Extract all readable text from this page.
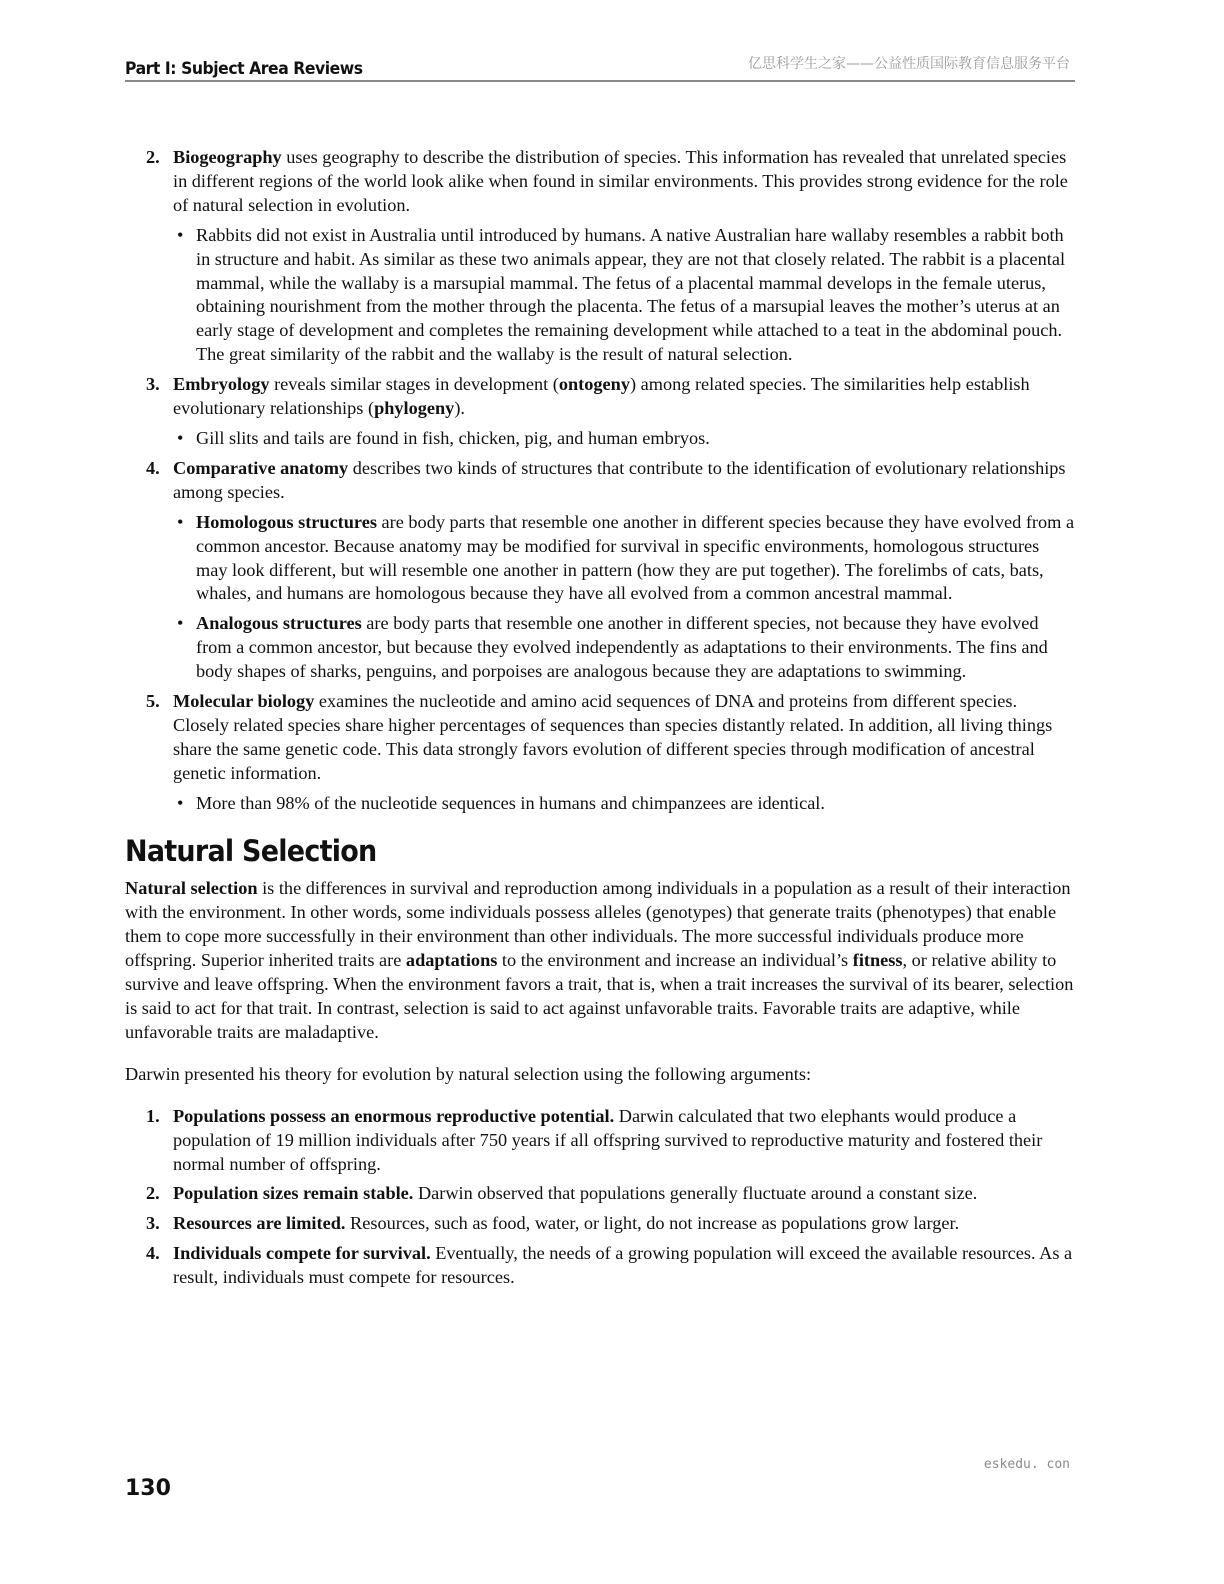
Part I: Subject Area Reviews	亿思科学生之家——公益性质国际教育信息服务平台
2. Biogeography uses geography to describe the distribution of species. This information has revealed that unrelated species in different regions of the world look alike when found in similar environments. This provides strong evidence for the role of natural selection in evolution.
• Rabbits did not exist in Australia until introduced by humans. A native Australian hare wallaby resembles a rabbit both in structure and habit. As similar as these two animals appear, they are not that closely related. The rabbit is a placental mammal, while the wallaby is a marsupial mammal. The fetus of a placental mammal develops in the female uterus, obtaining nourishment from the mother through the placenta. The fetus of a marsupial leaves the mother’s uterus at an early stage of development and completes the remaining development while attached to a teat in the abdominal pouch. The great similarity of the rabbit and the wallaby is the result of natural selection.
3. Embryology reveals similar stages in development (ontogeny) among related species. The similarities help establish evolutionary relationships (phylogeny).
• Gill slits and tails are found in fish, chicken, pig, and human embryos.
4. Comparative anatomy describes two kinds of structures that contribute to the identification of evolutionary relationships among species.
• Homologous structures are body parts that resemble one another in different species because they have evolved from a common ancestor. Because anatomy may be modified for survival in specific environments, homologous structures may look different, but will resemble one another in pattern (how they are put together). The forelimbs of cats, bats, whales, and humans are homologous because they have all evolved from a common ancestral mammal.
• Analogous structures are body parts that resemble one another in different species, not because they have evolved from a common ancestor, but because they evolved independently as adaptations to their environments. The fins and body shapes of sharks, penguins, and porpoises are analogous because they are adaptations to swimming.
5. Molecular biology examines the nucleotide and amino acid sequences of DNA and proteins from different species. Closely related species share higher percentages of sequences than species distantly related. In addition, all living things share the same genetic code. This data strongly favors evolution of different species through modification of ancestral genetic information.
• More than 98% of the nucleotide sequences in humans and chimpanzees are identical.
Natural Selection

Natural selection is the differences in survival and reproduction among individuals in a population as a result of their interaction with the environment. In other words, some individuals possess alleles (genotypes) that generate traits (phenotypes) that enable them to cope more successfully in their environment than other individuals. The more successful individuals produce more offspring. Superior inherited traits are adaptations to the environment and increase an individual’s fitness, or relative ability to survive and leave offspring. When the environment favors a trait, that is, when a trait increases the survival of its bearer, selection is said to act for that trait. In contrast, selection is said to act against unfavorable traits. Favorable traits are adaptive, while unfavorable traits are maladaptive.

Darwin presented his theory for evolution by natural selection using the following arguments:

1. Populations possess an enormous reproductive potential. Darwin calculated that two elephants would produce a population of 19 million individuals after 750 years if all offspring survived to reproductive maturity and fostered their normal number of offspring.
2. Population sizes remain stable. Darwin observed that populations generally fluctuate around a constant size.
3. Resources are limited. Resources, such as food, water, or light, do not increase as populations grow larger.
4. Individuals compete for survival. Eventually, the needs of a growing population will exceed the available resources. As a result, individuals must compete for resources.
eskedu. con
130
